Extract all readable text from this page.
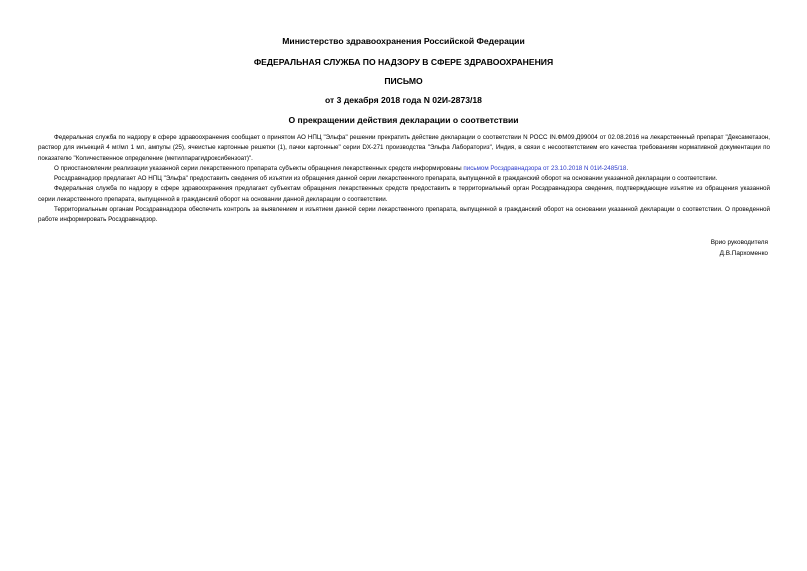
Министерство здравоохранения Российской Федерации
ФЕДЕРАЛЬНАЯ СЛУЖБА ПО НАДЗОРУ В СФЕРЕ ЗДРАВООХРАНЕНИЯ
ПИСЬМО
от 3 декабря 2018 года N 02И-2873/18
О прекращении действия декларации о соответствии

Федеральная служба по надзору в сфере здравоохранения сообщает о принятом АО НПЦ "Эльфа" решении прекратить действие декларации о соответствии N РОСС IN.ФМ09.Д99004 от 02.08.2016 на лекарственный препарат "Дексаметазон, раствор для инъекций 4 мг/мл 1 мл, ампулы (25), ячеистые картонные решетки (1), пачки картонные" серии DX-271 производства "Эльфа Лабораториз", Индия, в связи с несоответствием его качества требованиям нормативной документации по показателю "Количественное определение (метилпарагидроксибензоат)".

О приостановлении реализации указанной серии лекарственного препарата субъекты обращения лекарственных средств информированы письмом Росздравнадзора от 23.10.2018 N 01И-2485/18.

Росздравнадзор предлагает АО НПЦ "Эльфа" предоставить сведения об изъятии из обращения данной серии лекарственного препарата, выпущенной в гражданский оборот на основании указанной декларации о соответствии.

Федеральная служба по надзору в сфере здравоохранения предлагает субъектам обращения лекарственных средств предоставить в территориальный орган Росздравнадзора сведения, подтверждающие изъятие из обращения указанной серии лекарственного препарата, выпущенной в гражданский оборот на основании данной декларации о соответствии.

Территориальным органам Росздравнадзора обеспечить контроль за выявлением и изъятием данной серии лекарственного препарата, выпущенной в гражданский оборот на основании указанной декларации о соответствии. О проведенной работе информировать Росздравнадзор.

Врио руководителя
Д.В.Пархоменко
